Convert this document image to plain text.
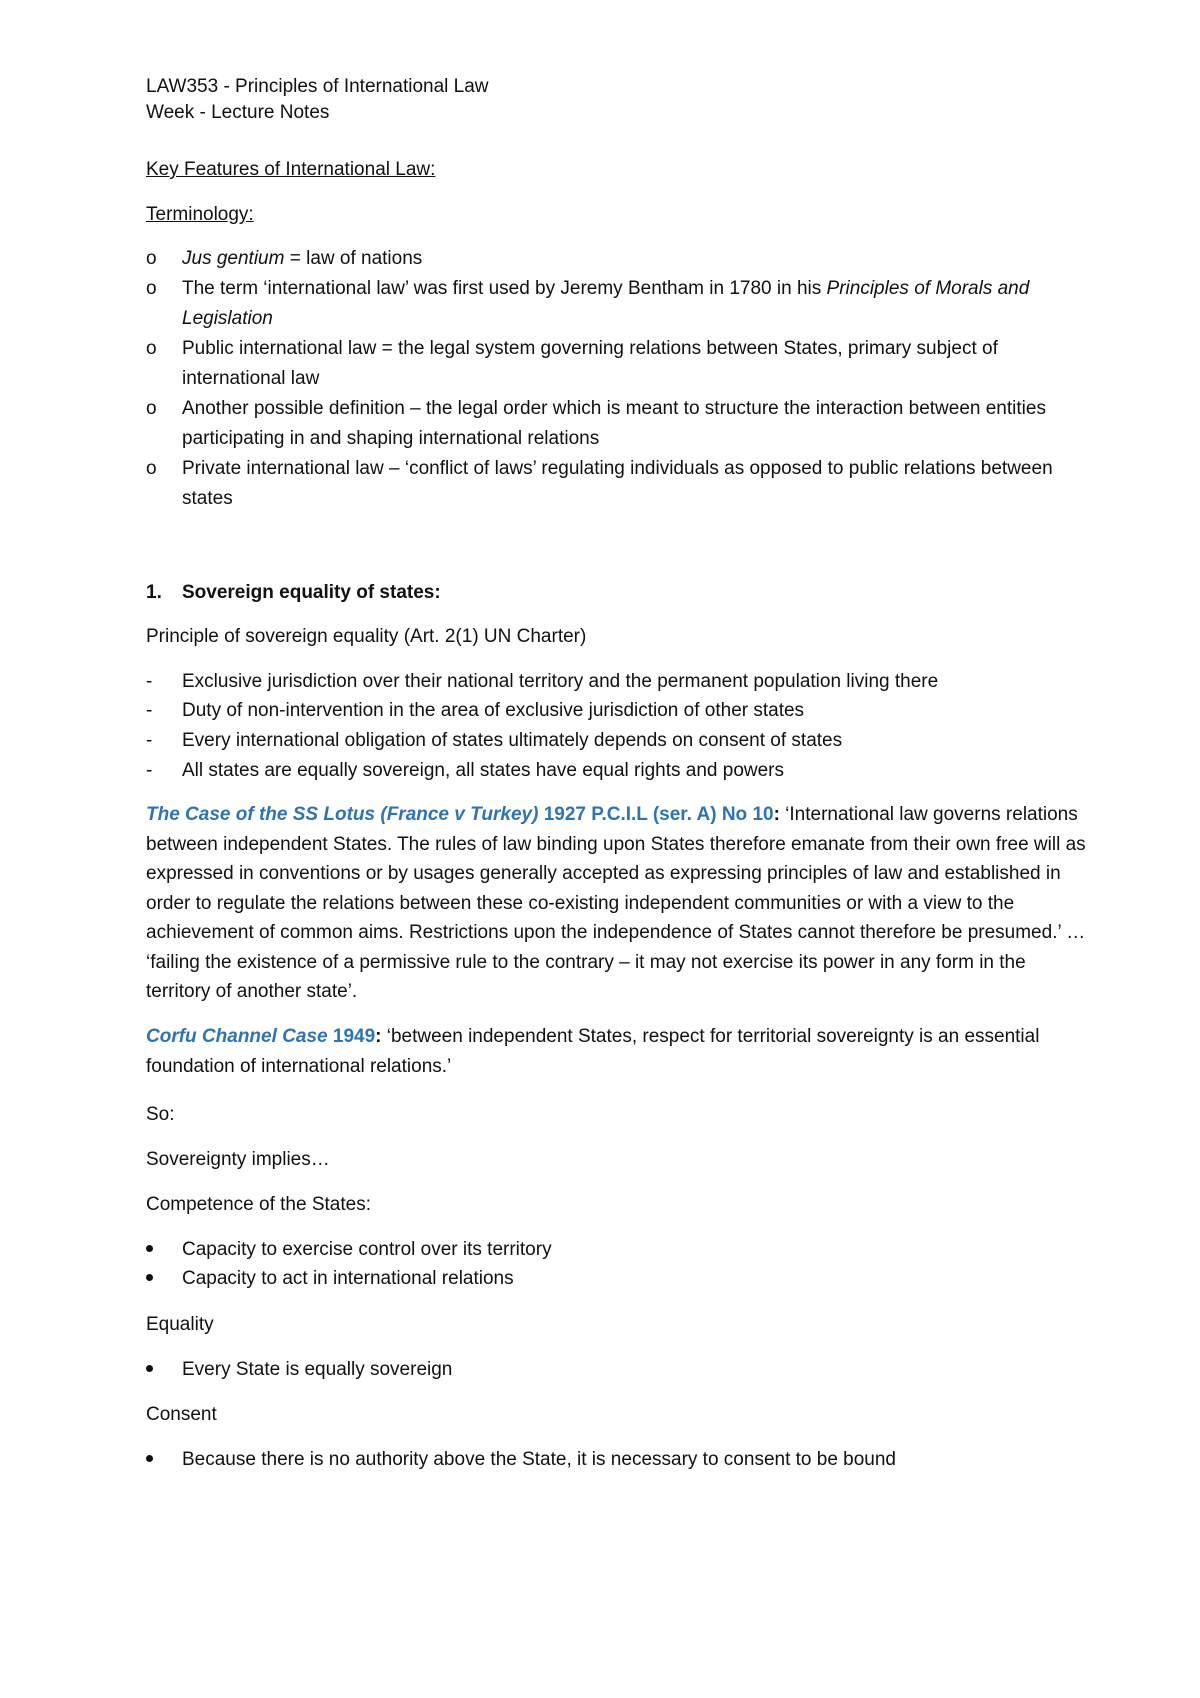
LAW353 - Principles of International Law
Week - Lecture Notes
Key Features of International Law:
Terminology:
o	Jus gentium = law of nations
o	The term ‘international law’ was first used by Jeremy Bentham in 1780 in his Principles of Morals and Legislation
o	Public international law = the legal system governing relations between States, primary subject of international law
o	Another possible definition – the legal order which is meant to structure the interaction between entities participating in and shaping international relations
o	Private international law – ‘conflict of laws’ regulating individuals as opposed to public relations between states
1.	Sovereign equality of states:
Principle of sovereign equality (Art. 2(1) UN Charter)
-	Exclusive jurisdiction over their national territory and the permanent population living there
-	Duty of non-intervention in the area of exclusive jurisdiction of other states
-	Every international obligation of states ultimately depends on consent of states
-	All states are equally sovereign, all states have equal rights and powers
The Case of the SS Lotus (France v Turkey) 1927 P.C.I.L (ser. A) No 10: ‘International law governs relations between independent States. The rules of law binding upon States therefore emanate from their own free will as expressed in conventions or by usages generally accepted as expressing principles of law and established in order to regulate the relations between these co-existing independent communities or with a view to the achievement of common aims. Restrictions upon the independence of States cannot therefore be presumed.’ … ‘failing the existence of a permissive rule to the contrary – it may not exercise its power in any form in the territory of another state’.
Corfu Channel Case 1949: ‘between independent States, respect for territorial sovereignty is an essential foundation of international relations.’
So:
Sovereignty implies…
Competence of the States:
Capacity to exercise control over its territory
Capacity to act in international relations
Equality
Every State is equally sovereign
Consent
Because there is no authority above the State, it is necessary to consent to be bound
